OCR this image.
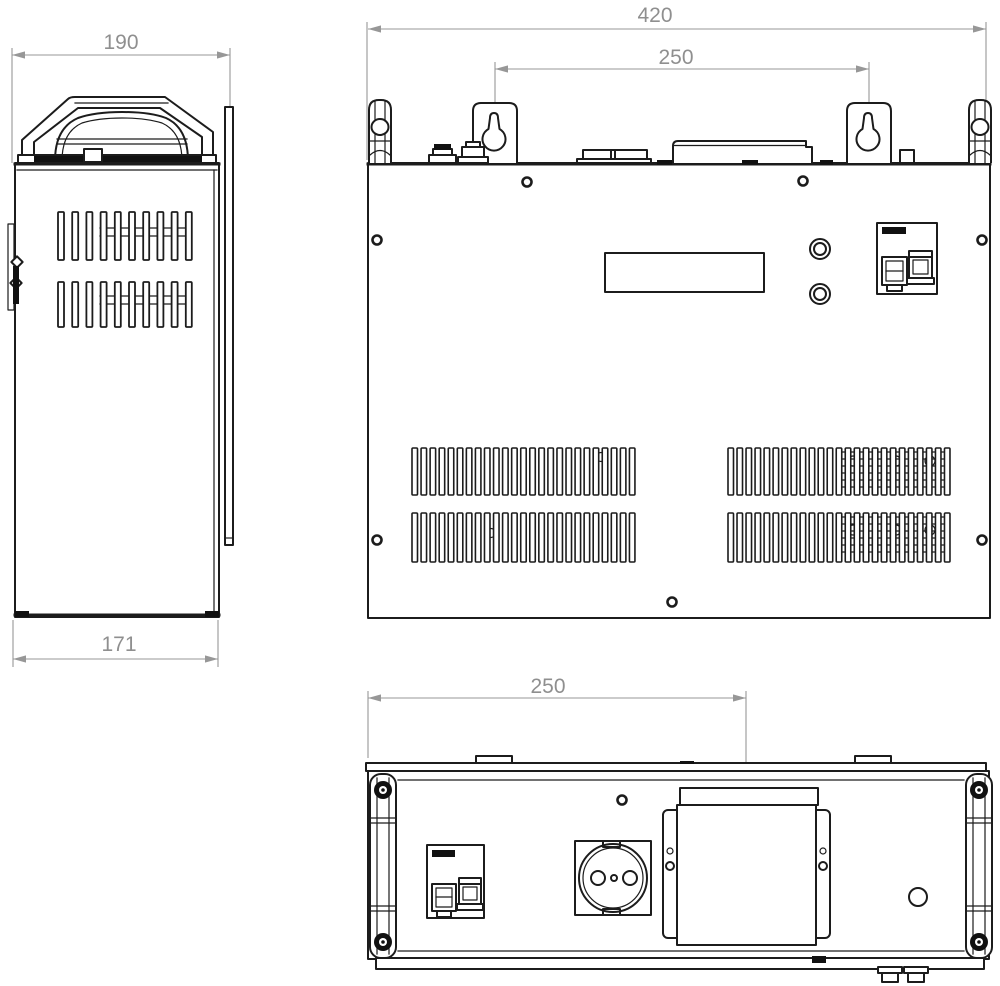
190
171
420
250
250
